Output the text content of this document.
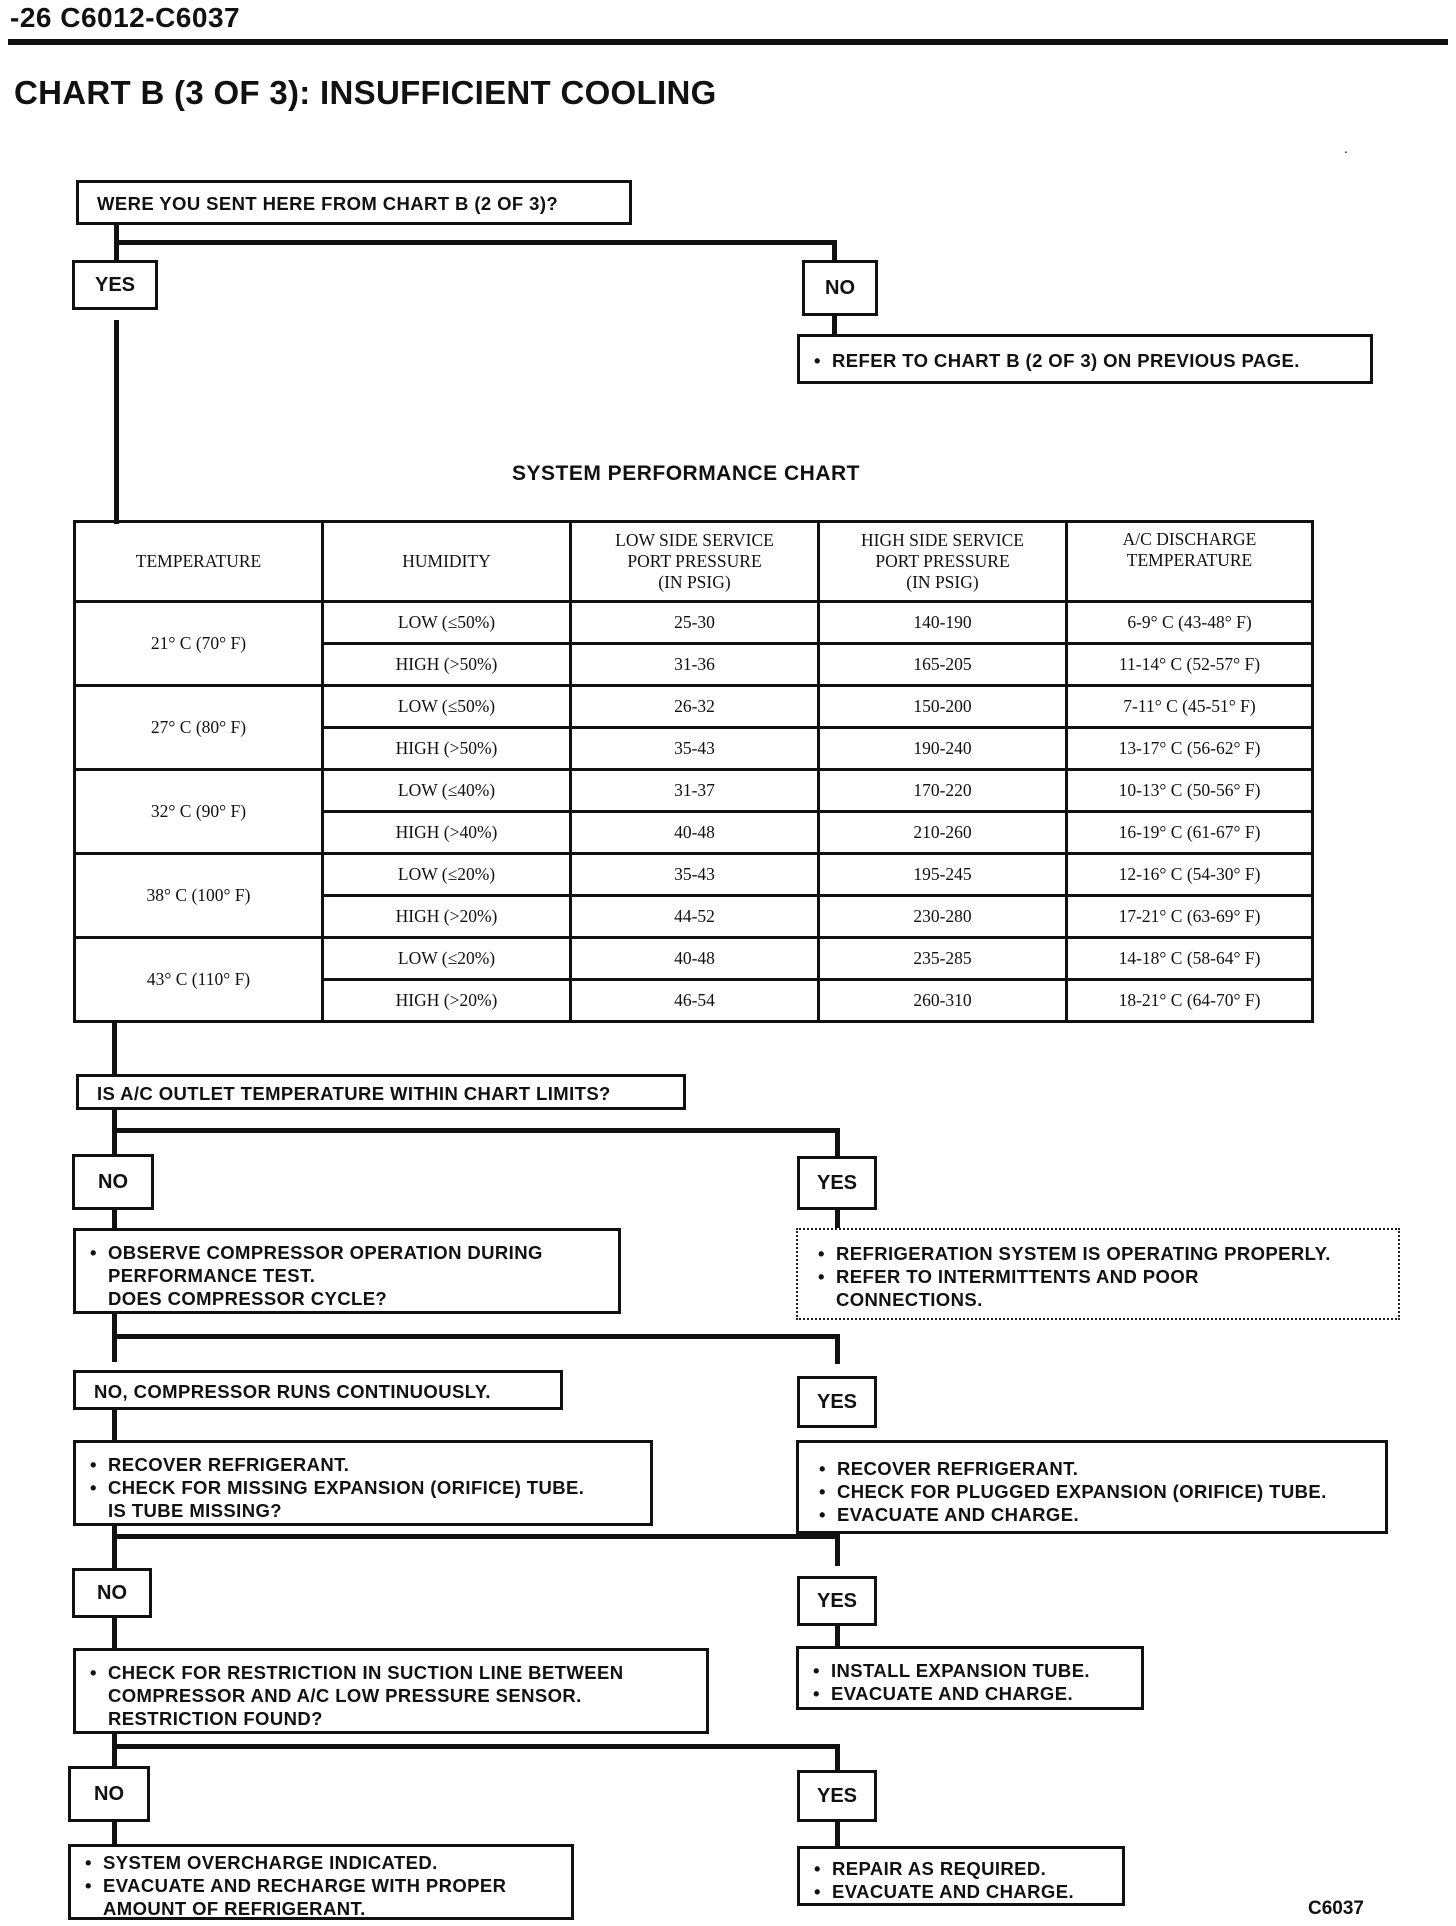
-26 C6012-C6037
CHART B (3 OF 3): INSUFFICIENT COOLING
.
WERE YOU SENT HERE FROM CHART B (2 OF 3)?
YES	NO
• REFER TO CHART B (2 OF 3) ON PREVIOUS PAGE.
SYSTEM PERFORMANCE CHART
TEMPERATURE	HUMIDITY	LOW SIDE SERVICE
PORT PRESSURE
(IN PSIG)	HIGH SIDE SERVICE
PORT PRESSURE
(IN PSIG)	A/C DISCHARGE
TEMPERATURE
21° C (70° F)	LOW (≤50%)	25-30	140-190	6-9° C (43-48° F)
	HIGH (>50%)	31-36	165-205	11-14° C (52-57° F)
27° C (80° F)	LOW (≤50%)	26-32	150-200	7-11° C (45-51° F)
	HIGH (>50%)	35-43	190-240	13-17° C (56-62° F)
32° C (90° F)	LOW (≤40%)	31-37	170-220	10-13° C (50-56° F)
	HIGH (>40%)	40-48	210-260	16-19° C (61-67° F)
38° C (100° F)	LOW (≤20%)	35-43	195-245	12-16° C (54-30° F)
	HIGH (>20%)	44-52	230-280	17-21° C (63-69° F)
43° C (110° F)	LOW (≤20%)	40-48	235-285	14-18° C (58-64° F)
	HIGH (>20%)	46-54	260-310	18-21° C (64-70° F)
IS A/C OUTLET TEMPERATURE WITHIN CHART LIMITS?
NO	YES
• OBSERVE COMPRESSOR OPERATION DURING
PERFORMANCE TEST.
DOES COMPRESSOR CYCLE?
• REFRIGERATION SYSTEM IS OPERATING PROPERLY.
• REFER TO INTERMITTENTS AND POOR
CONNECTIONS.
NO, COMPRESSOR RUNS CONTINUOUSLY.	YES
• RECOVER REFRIGERANT.
• CHECK FOR MISSING EXPANSION (ORIFICE) TUBE.
IS TUBE MISSING?
• RECOVER REFRIGERANT.
• CHECK FOR PLUGGED EXPANSION (ORIFICE) TUBE.
• EVACUATE AND CHARGE.
NO	YES
• CHECK FOR RESTRICTION IN SUCTION LINE BETWEEN
COMPRESSOR AND A/C LOW PRESSURE SENSOR.
RESTRICTION FOUND?
• INSTALL EXPANSION TUBE.
• EVACUATE AND CHARGE.
NO	YES
• SYSTEM OVERCHARGE INDICATED.
• EVACUATE AND RECHARGE WITH PROPER
AMOUNT OF REFRIGERANT.
• REPAIR AS REQUIRED.
• EVACUATE AND CHARGE.
C6037
